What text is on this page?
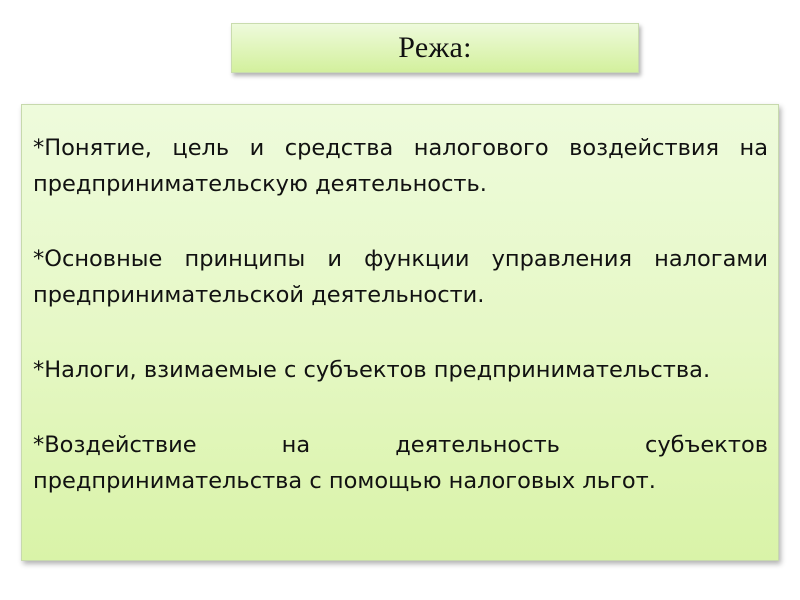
Режа:

*Понятие, цель и средства налогового воздействия на предпринимательскую деятельность.

*Основные принципы и функции управления налогами предпринимательской деятельности.

*Налоги, взимаемые с субъектов предпринимательства.

*Воздействие на деятельность субъектов предпринимательства с помощью налоговых льгот.
